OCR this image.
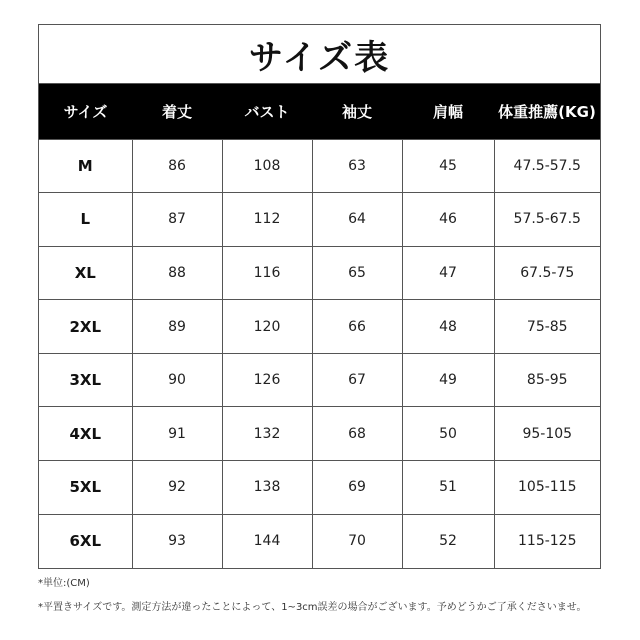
サイズ表
サイズ	着丈	バスト	袖丈	肩幅	体重推薦(KG)
M	86	108	63	45	47.5-57.5
L	87	112	64	46	57.5-67.5
XL	88	116	65	47	67.5-75
2XL	89	120	66	48	75-85
3XL	90	126	67	49	85-95
4XL	91	132	68	50	95-105
5XL	92	138	69	51	105-115
6XL	93	144	70	52	115-125
*単位:(CM)
*平置きサイズです。測定方法が違ったことによって、1~3cm誤差の場合がございます。予めどうかご了承くださいませ。
